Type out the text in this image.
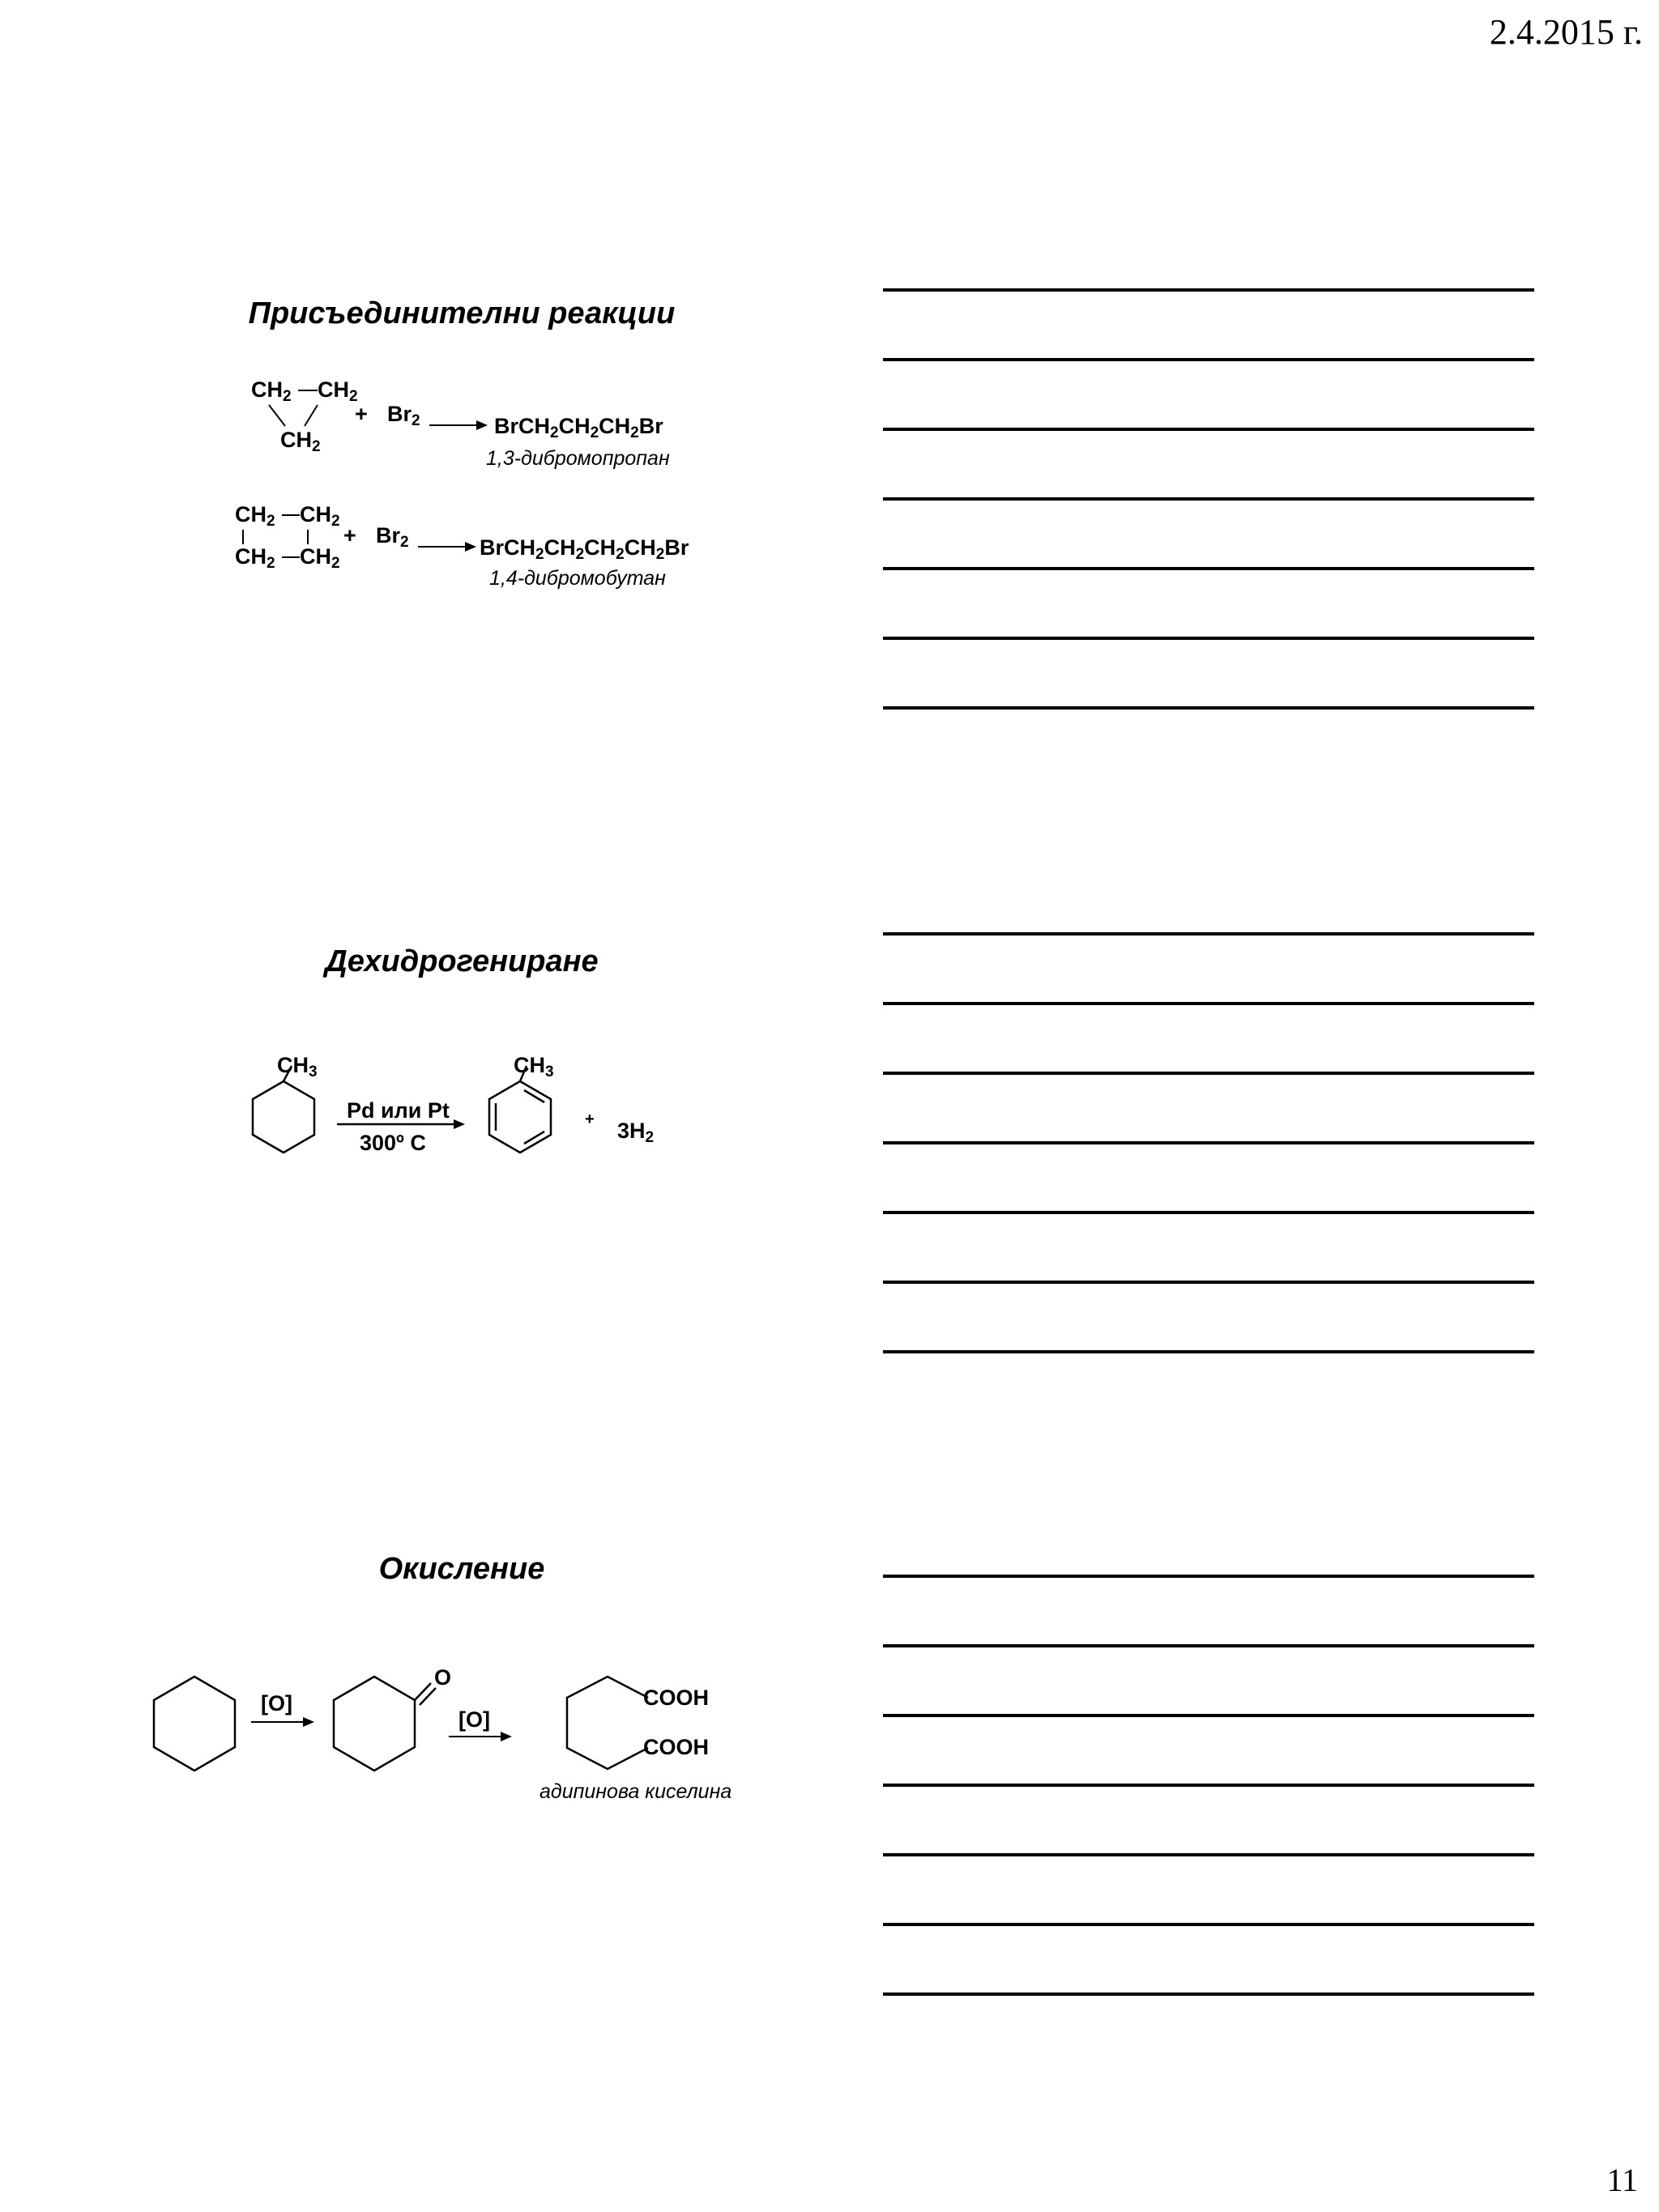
2.4.2015 г.
Присъединителни реакции
CH2 CH2
CH2
+ Br2	BrCH2CH2CH2Br
1,3-дибромопропан
CH2 CH2
CH2 CH2
+ Br2	BrCH2CH2CH2CH2Br
1,4-дибромобутан
Дехидрогениране
CH3
Pd или Pt
300º C
CH3
+ 3H2
Окисление
[O]
O
[O]
COOH
COOH
адипинова киселина
11
